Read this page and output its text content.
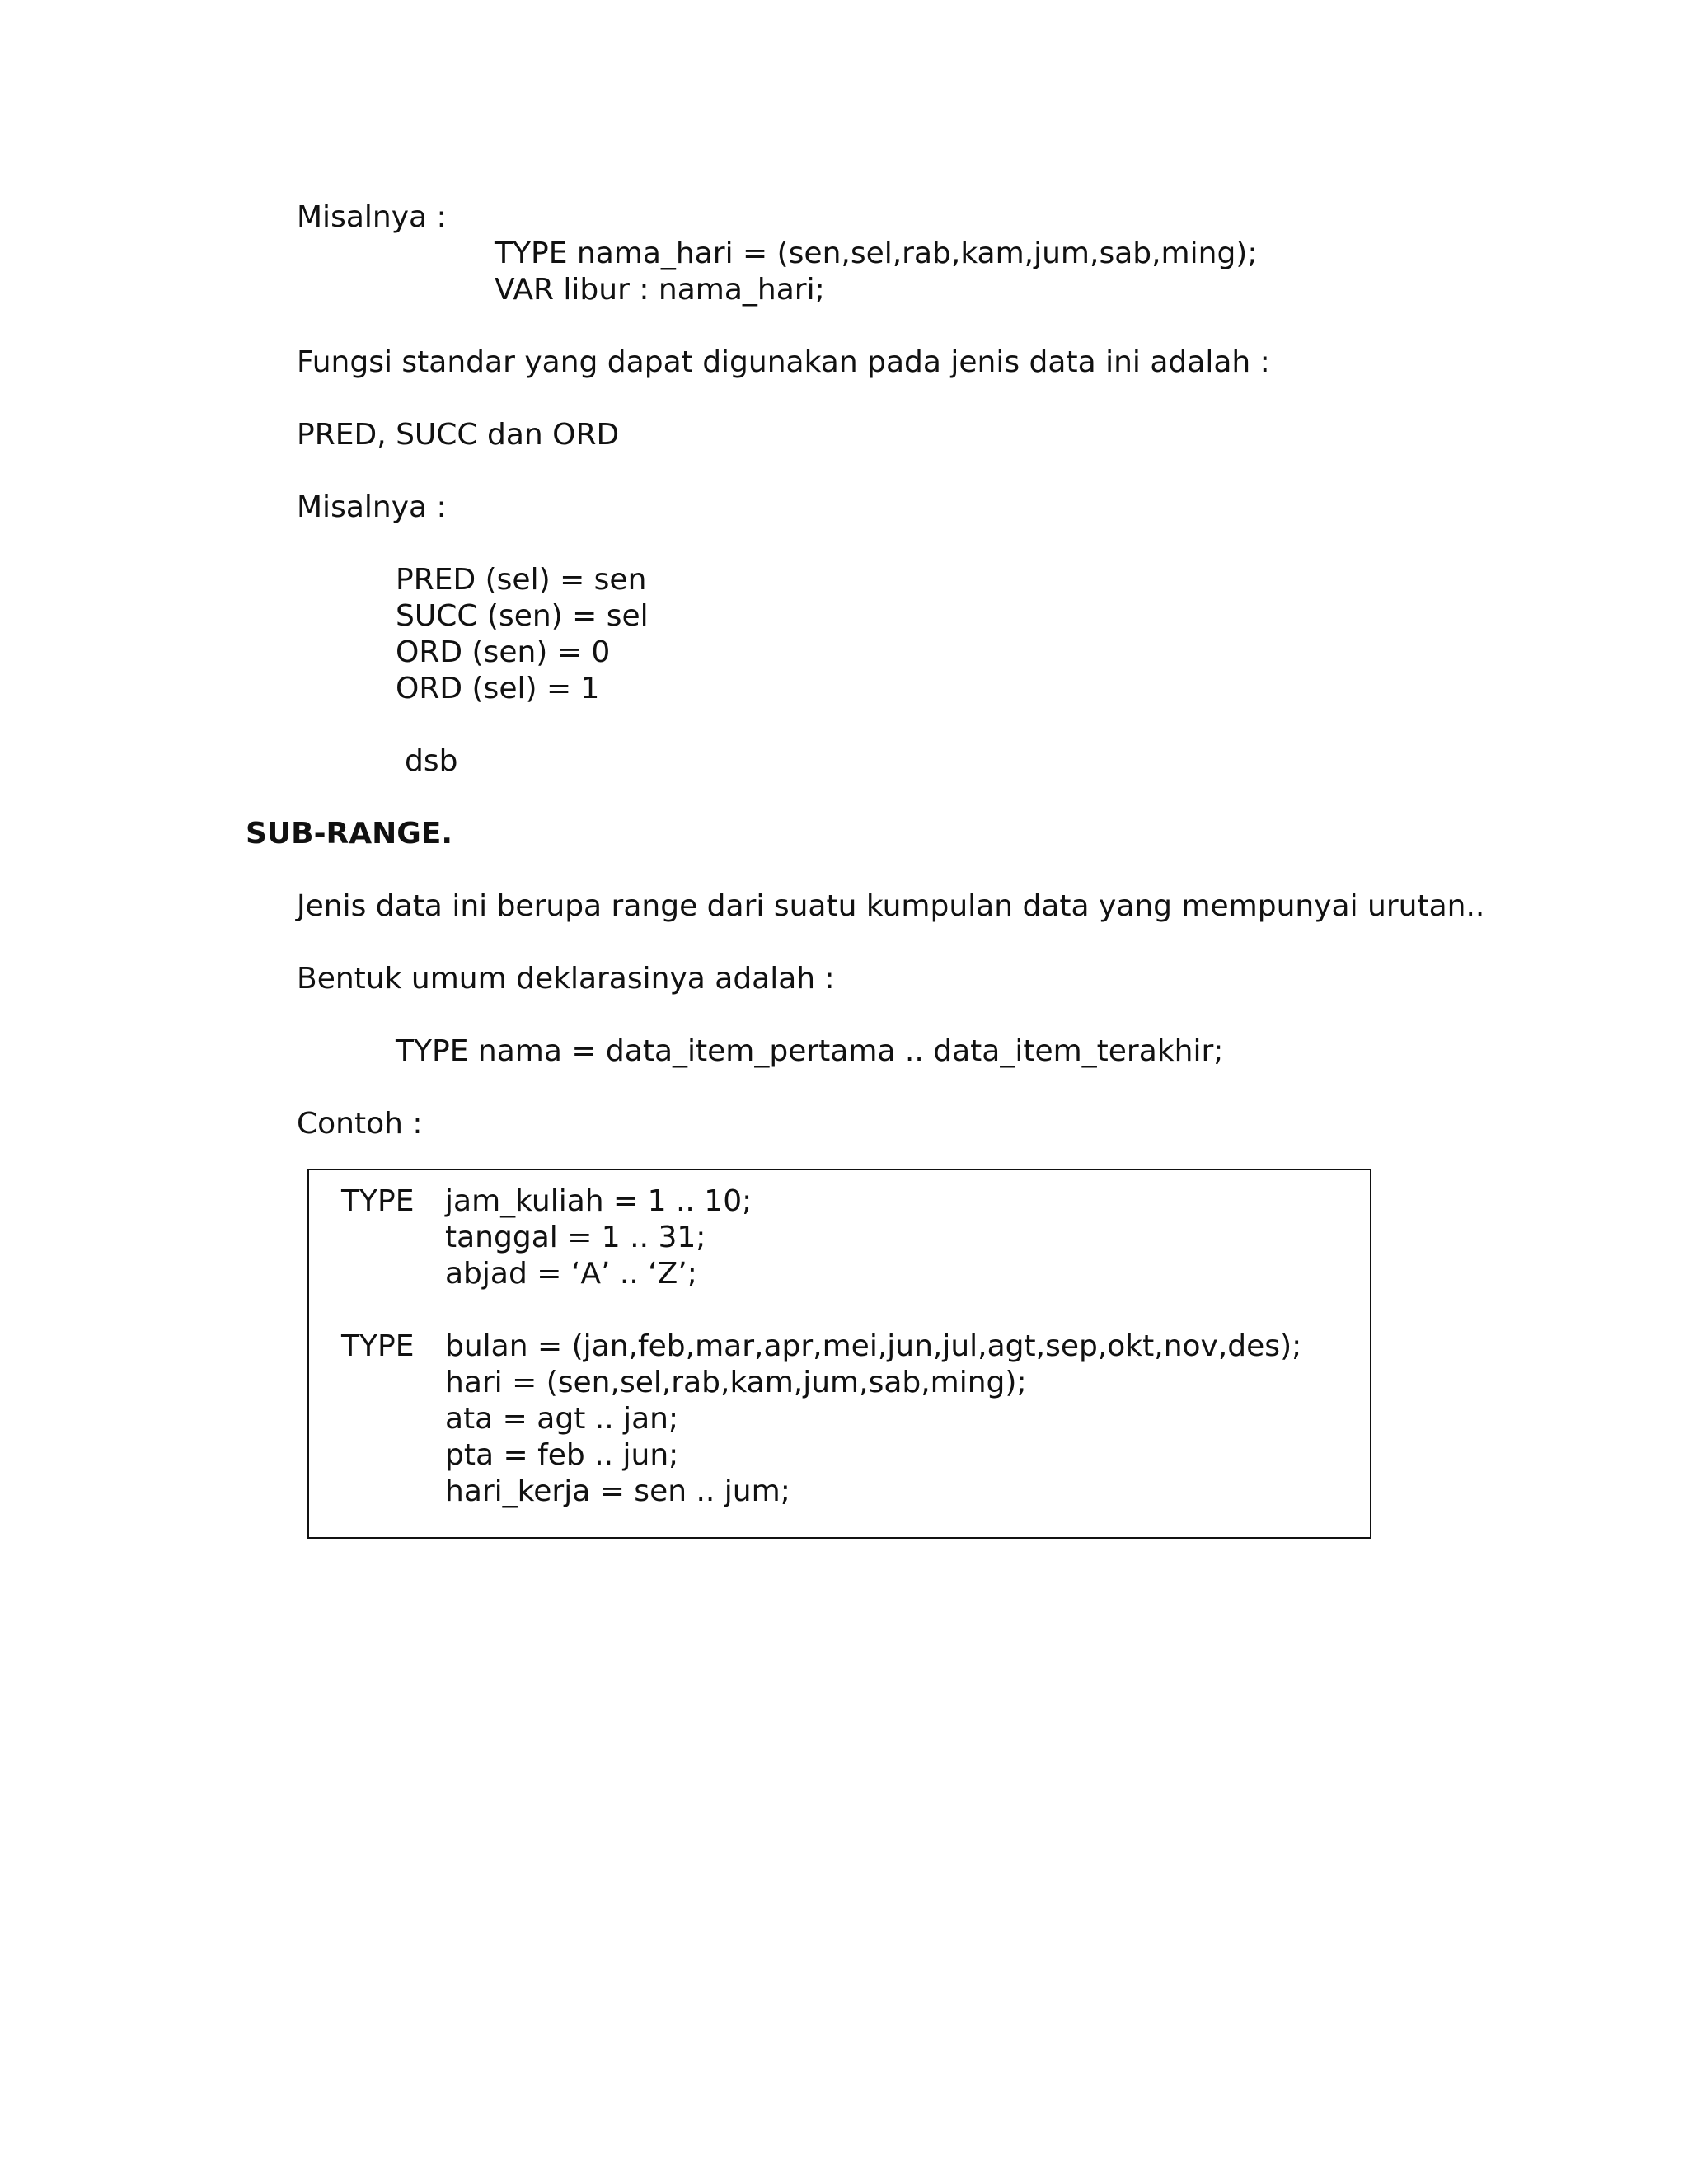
Misalnya :
TYPE nama_hari = (sen,sel,rab,kam,jum,sab,ming);
VAR libur : nama_hari;
Fungsi standar yang dapat digunakan pada jenis data ini adalah :
PRED, SUCC dan ORD
Misalnya :
PRED (sel) = sen
SUCC (sen) = sel
ORD (sen) = 0
ORD (sel) = 1
dsb
SUB-RANGE.
Jenis data ini berupa range dari suatu kumpulan data yang mempunyai urutan..
Bentuk umum deklarasinya adalah :
TYPE nama = data_item_pertama .. data_item_terakhir;
Contoh :
TYPE jam_kuliah = 1 .. 10;
tanggal = 1 .. 31;
abjad = ‘A’ .. ‘Z’;
TYPE bulan = (jan,feb,mar,apr,mei,jun,jul,agt,sep,okt,nov,des);
hari = (sen,sel,rab,kam,jum,sab,ming);
ata = agt .. jan;
pta = feb .. jun;
hari_kerja = sen .. jum;
